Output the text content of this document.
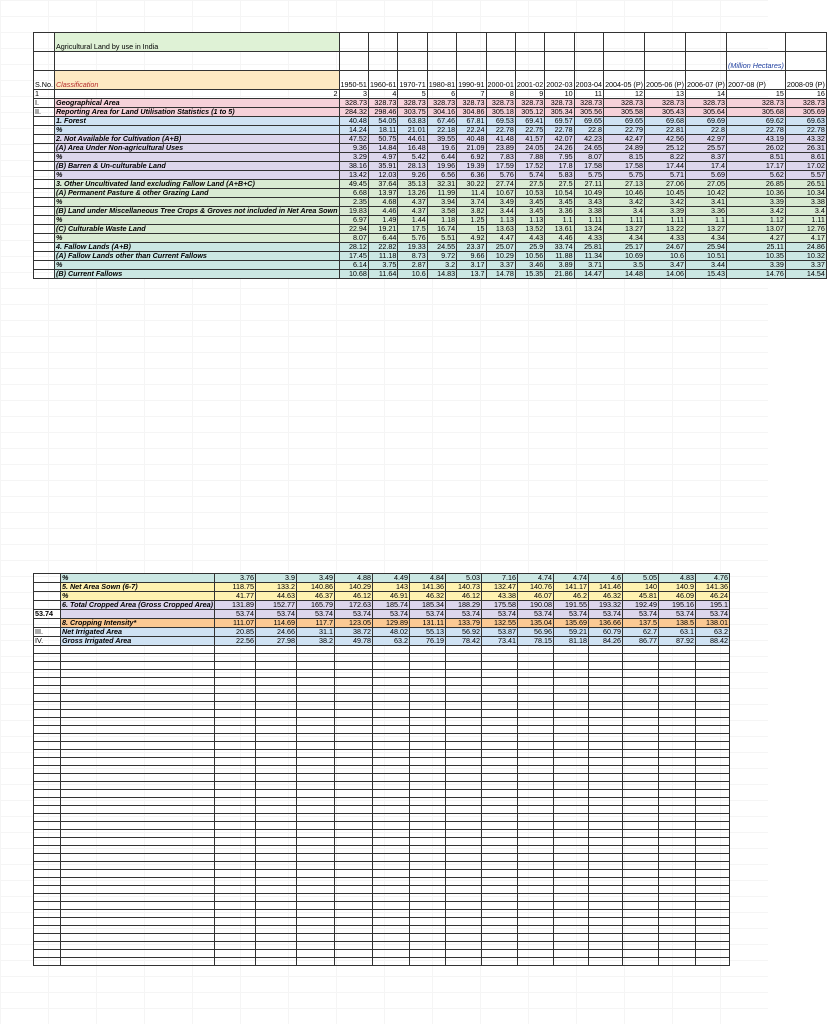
	Agricultural Land by use in India														
														(Million Hectares)	
S.No.	Classification	1950-51	1960-61	1970-71	1980-81	1990-91	2000-01	2001-02	2002-03	2003-04	2004-05 (P)	2005-06 (P)	2006-07 (P)	2007-08 (P)	2008-09 (P)
1	2	3	4	5	6	7	8	9	10	11	12	13	14	15	16
I.	Geographical Area	328.73	328.73	328.73	328.73	328.73	328.73	328.73	328.73	328.73	328.73	328.73	328.73	328.73	328.73
II.	Reporting Area for Land Utilisation Statistics (1 to 5)	284.32	298.46	303.75	304.16	304.86	305.18	305.12	305.34	305.56	305.58	305.43	305.64	305.68	305.69
	1. Forest	40.48	54.05	63.83	67.46	67.81	69.53	69.41	69.57	69.65	69.65	69.68	69.69	69.62	69.63
	%	14.24	18.11	21.01	22.18	22.24	22.78	22.75	22.78	22.8	22.79	22.81	22.8	22.78	22.78
	2. Not Available for Cultivation (A+B)	47.52	50.75	44.61	39.55	40.48	41.48	41.57	42.07	42.23	42.47	42.56	42.97	43.19	43.32
	(A) Area Under Non-agricultural Uses	9.36	14.84	16.48	19.6	21.09	23.89	24.05	24.26	24.65	24.89	25.12	25.57	26.02	26.31
	%	3.29	4.97	5.42	6.44	6.92	7.83	7.88	7.95	8.07	8.15	8.22	8.37	8.51	8.61
	(B) Barren & Un-culturable Land	38.16	35.91	28.13	19.96	19.39	17.59	17.52	17.8	17.58	17.58	17.44	17.4	17.17	17.02
	%	13.42	12.03	9.26	6.56	6.36	5.76	5.74	5.83	5.75	5.75	5.71	5.69	5.62	5.57
	3. Other Uncultivated land excluding Fallow Land (A+B+C)	49.45	37.64	35.13	32.31	30.22	27.74	27.5	27.5	27.11	27.13	27.06	27.05	26.85	26.51
	(A) Permanent Pasture & other Grazing Land	6.68	13.97	13.26	11.99	11.4	10.67	10.53	10.54	10.49	10.46	10.45	10.42	10.36	10.34
	%	2.35	4.68	4.37	3.94	3.74	3.49	3.45	3.45	3.43	3.42	3.42	3.41	3.39	3.38
	(B) Land under Miscellaneous Tree Crops & Groves not included in Net Area Sown	19.83	4.46	4.37	3.58	3.82	3.44	3.45	3.36	3.38	3.4	3.39	3.36	3.42	3.4
	%	6.97	1.49	1.44	1.18	1.25	1.13	1.13	1.1	1.11	1.11	1.11	1.1	1.12	1.11
	(C) Culturable Waste Land	22.94	19.21	17.5	16.74	15	13.63	13.52	13.61	13.24	13.27	13.22	13.27	13.07	12.76
	%	8.07	6.44	5.76	5.51	4.92	4.47	4.43	4.46	4.33	4.34	4.33	4.34	4.27	4.17
	4. Fallow Lands (A+B)	28.12	22.82	19.33	24.55	23.37	25.07	25.9	33.74	25.81	25.17	24.67	25.94	25.11	24.86
	(A) Fallow Lands other than Current Fallows	17.45	11.18	8.73	9.72	9.66	10.29	10.56	11.88	11.34	10.69	10.6	10.51	10.35	10.32
	%	6.14	3.75	2.87	3.2	3.17	3.37	3.46	3.89	3.71	3.5	3.47	3.44	3.39	3.37
	(B) Current Fallows	10.68	11.64	10.6	14.83	13.7	14.78	15.35	21.86	14.47	14.48	14.06	15.43	14.76	14.54
	%	3.76	3.9	3.49	4.88	4.49	4.84	5.03	7.16	4.74	4.74	4.6	5.05	4.83	4.76
	5. Net Area Sown (6-7)	118.75	133.2	140.86	140.29	143	141.36	140.73	132.47	140.76	141.17	141.46	140	140.9	141.36
	%	41.77	44.63	46.37	46.12	46.91	46.32	46.12	43.38	46.07	46.2	46.32	45.81	46.09	46.24
	6. Total Cropped Area (Gross Cropped Area)	131.89	152.77	165.79	172.63	185.74	185.34	188.29	175.58	190.08	191.55	193.32	192.49	195.16	195.1
53.74		53.74	53.74	53.74	53.74	53.74	53.74	53.74	53.74	53.74	53.74	53.74	53.74	53.74	53.74
	8. Cropping Intensity*	111.07	114.69	117.7	123.05	129.89	131.11	133.79	132.55	135.04	135.69	136.66	137.5	138.5	138.01
III.	Net Irrigated Area	20.85	24.66	31.1	38.72	48.02	55.13	56.92	53.87	56.96	59.21	60.79	62.7	63.1	63.2
IV.	Gross Irrigated Area	22.56	27.98	38.2	49.78	63.2	76.19	78.42	73.41	78.15	81.18	84.26	86.77	87.92	88.42
